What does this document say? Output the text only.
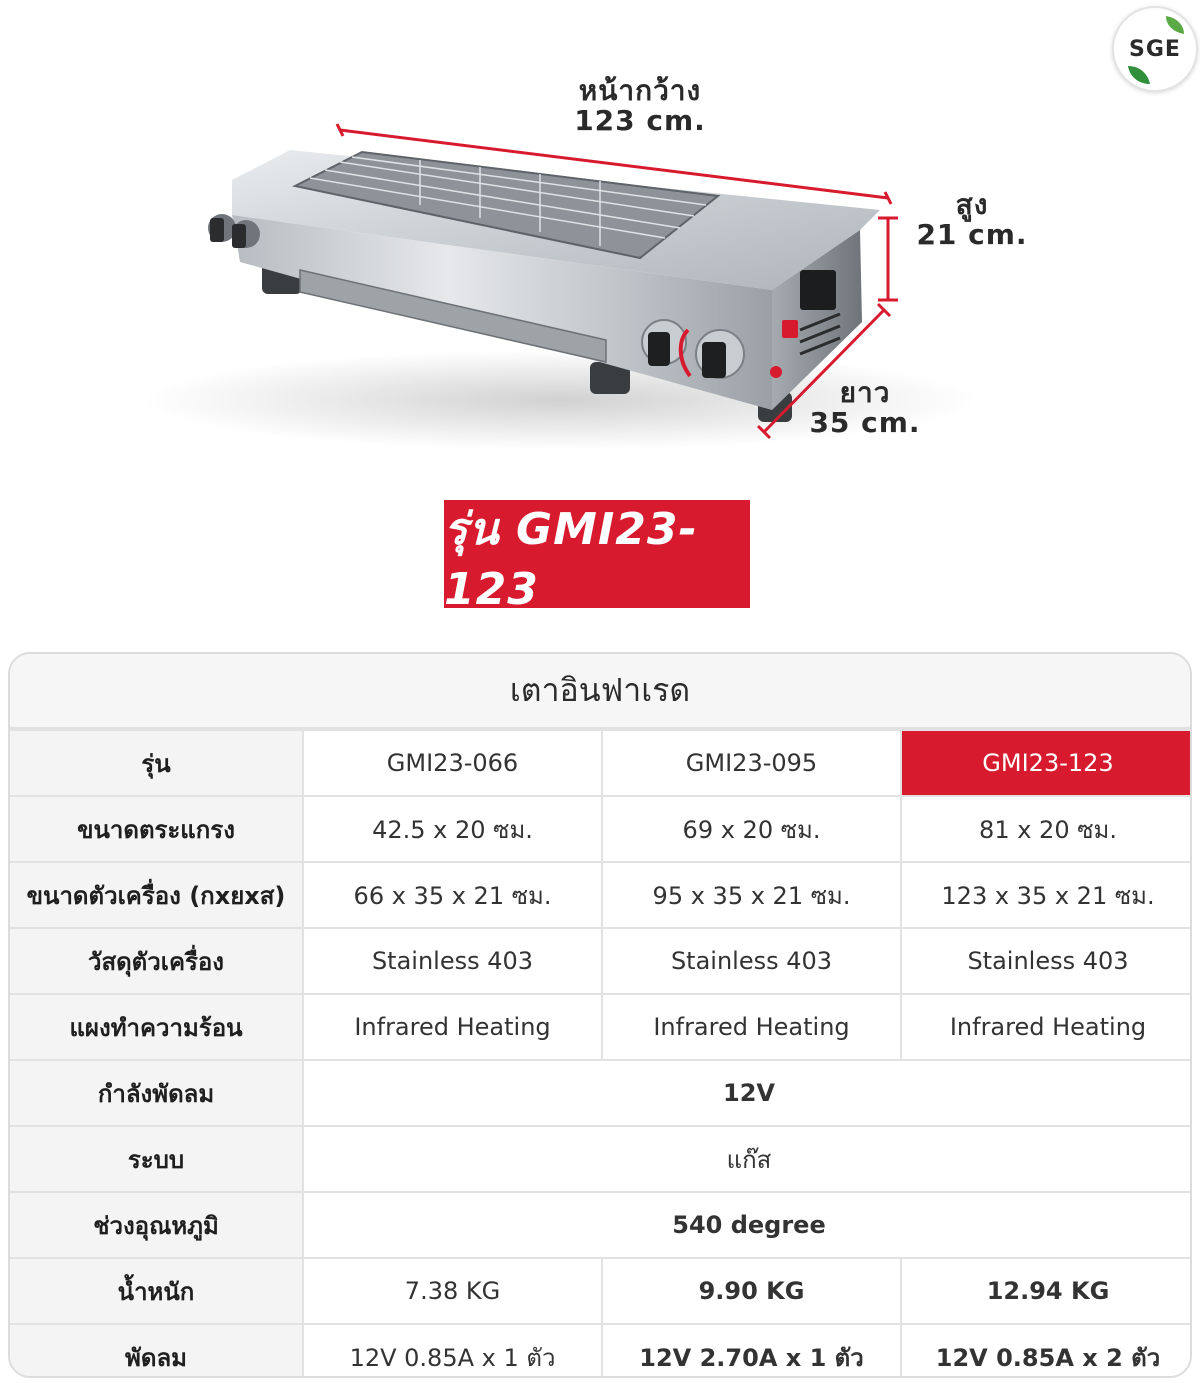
SGE
หน้ากว้าง
123 cm.
สูง
21 cm.
ยาว
35 cm.
รุ่น GMI23-123
เตาอินฟาเรด
รุ่น	GMI23-066	GMI23-095	GMI23-123
ขนาดตระแกรง	42.5 x 20 ซม.	69 x 20 ซม.	81 x 20 ซม.
ขนาดตัวเครื่อง (กxยxส)	66 x 35 x 21 ซม.	95 x 35 x 21 ซม.	123 x 35 x 21 ซม.
วัสดุตัวเครื่อง	Stainless 403	Stainless 403	Stainless 403
แผงทำความร้อน	Infrared Heating	Infrared Heating	Infrared Heating
กำลังพัดลม	12V		
ระบบ	แก๊ส		
ช่วงอุณหภูมิ	540 degree		
น้ำหนัก	7.38 KG	9.90 KG	12.94 KG
พัดลม	12V 0.85A x 1 ตัว	12V 2.70A x 1 ตัว	12V 0.85A x 2 ตัว
